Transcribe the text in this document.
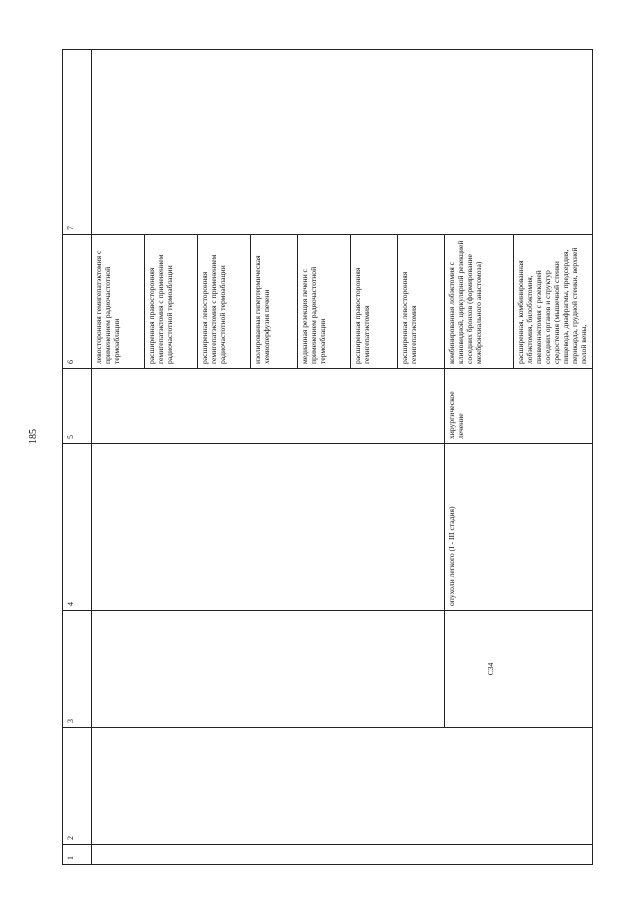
185
1	2	3	4	5	6	7
					левосторонняя гемигепатэктомия с применением радиочастотной термоаблации	
					расширенная правосторонняя гемигепатэктомия с применением радиочастотной термоаблации	
					расширенная левосторонняя гемигепатэктомия с применением радиочастотной термоаблации	
					изолированная гипертермическая хемиоперфузия печени	
					медианная резекция печени с применением радиочастотной термоаблации	
					расширенная правосторонняя гемигепатэктомия	
					расширенная левосторонняя гемигепатэктомия	
		C34	опухоли легкого (I - III стадия)	хирургическое лечение	комбинированная лобэктомия с клиновидной, циркулярной резекцией соседних бронхов (формирование межбронхиального анастомоза)	
					расширенная, комбинированная лобэктомия, билобэктомия, пневмонэктомия с резекцией соседних органов и структур средостения (мышечной стенки пищевода, диафрагмы, предсердия, перикарда, грудной стенки, верхней полой вены,	
